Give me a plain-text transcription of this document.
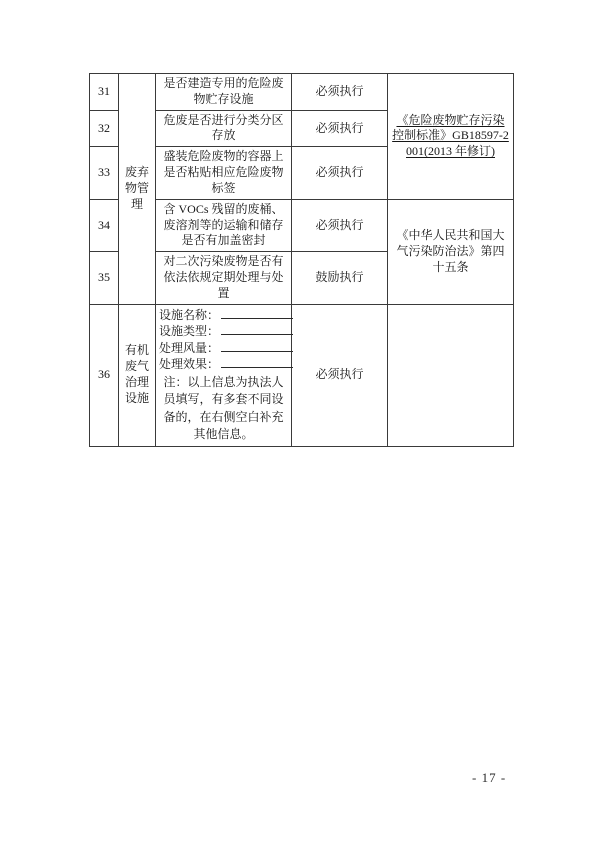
31	废弃物管理	是否建造专用的危险废物贮存设施	必须执行	《危险废物贮存污染控制标准》GB18597-2001(2013 年修订)
32		危废是否进行分类分区存放	必须执行	
33		盛装危险废物的容器上是否粘贴相应危险废物标签	必须执行	
34		含 VOCs 残留的废桶、废溶剂等的运输和储存是否有加盖密封	必须执行	《中华人民共和国大气污染防治法》第四十五条
35		对二次污染废物是否有依法依规定期处理与处置	鼓励执行	
36	有机废气治理设施	设施名称：
设施类型：
处理风量：
处理效果：
注：以上信息为执法人员填写，有多套不同设备的，在右侧空白补充其他信息。	必须执行	
- 17 -
